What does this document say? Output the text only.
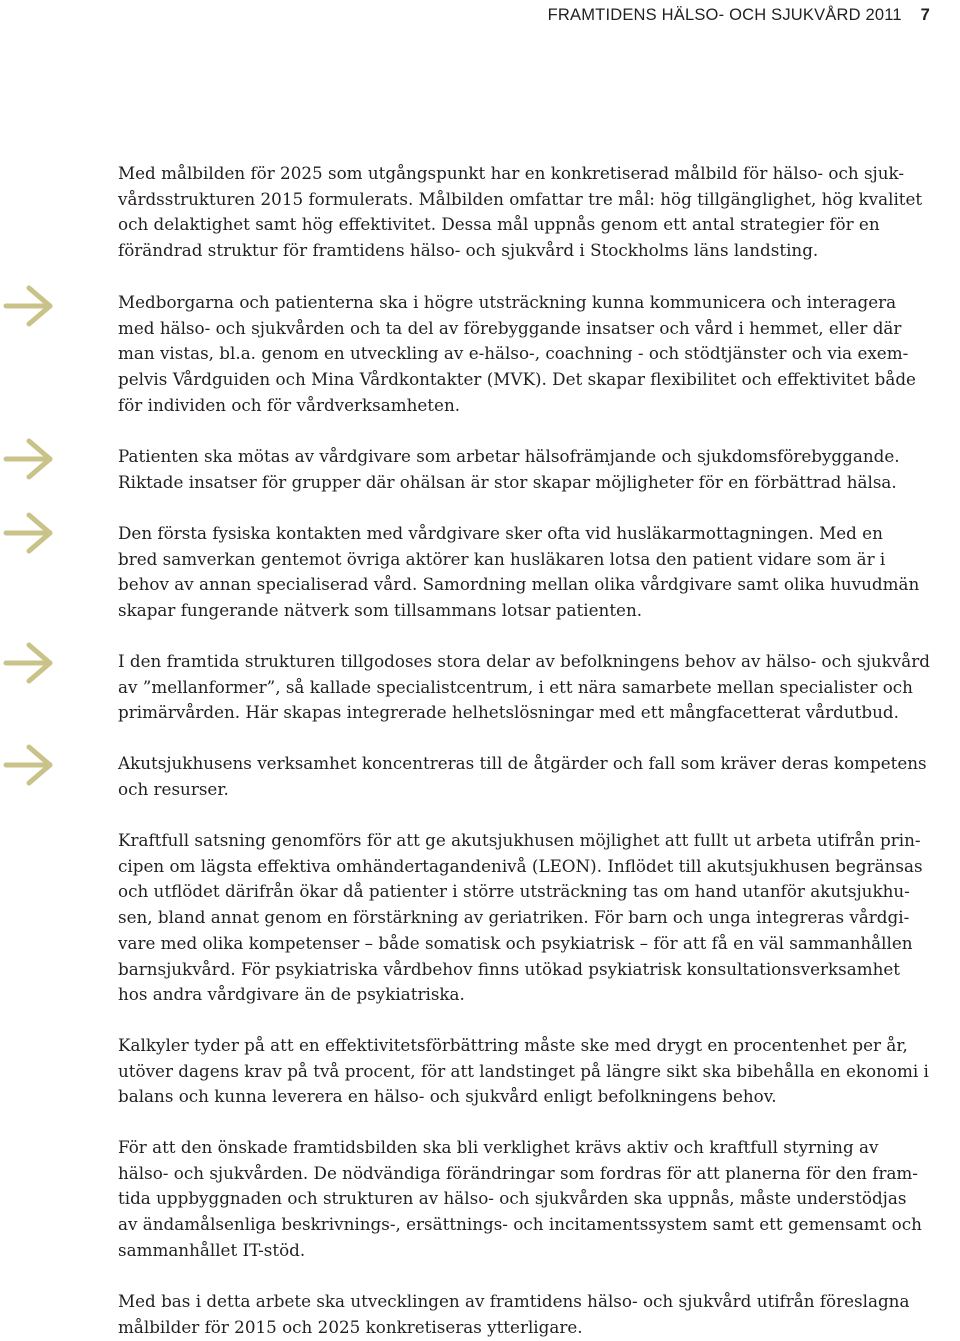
FRAMTIDENS HÄLSO- OCH SJUKVÅRD 2011 7
Med målbilden för 2025 som utgångspunkt har en konkretiserad målbild för hälso- och sjuk-
vårdsstrukturen 2015 formulerats. Målbilden omfattar tre mål: hög tillgänglighet, hög kvalitet
och delaktighet samt hög effektivitet. Dessa mål uppnås genom ett antal strategier för en
förändrad struktur för framtidens hälso- och sjukvård i Stockholms läns landsting.
Medborgarna och patienterna ska i högre utsträckning kunna kommunicera och interagera
med hälso- och sjukvården och ta del av förebyggande insatser och vård i hemmet, eller där
man vistas, bl.a. genom en utveckling av e-hälso-, coachning - och stödtjänster och via exem-
pelvis Vårdguiden och Mina Vårdkontakter (MVK). Det skapar flexibilitet och effektivitet både
för individen och för vårdverksamheten.
Patienten ska mötas av vårdgivare som arbetar hälsofrämjande och sjukdomsförebyggande.
Riktade insatser för grupper där ohälsan är stor skapar möjligheter för en förbättrad hälsa.
Den första fysiska kontakten med vårdgivare sker ofta vid husläkarmottagningen. Med en
bred samverkan gentemot övriga aktörer kan husläkaren lotsa den patient vidare som är i
behov av annan specialiserad vård. Samordning mellan olika vårdgivare samt olika huvudmän
skapar fungerande nätverk som tillsammans lotsar patienten.
I den framtida strukturen tillgodoses stora delar av befolkningens behov av hälso- och sjukvård
av ”mellanformer”, så kallade specialistcentrum, i ett nära samarbete mellan specialister och
primärvården. Här skapas integrerade helhetslösningar med ett mångfacetterat vårdutbud.
Akutsjukhusens verksamhet koncentreras till de åtgärder och fall som kräver deras kompetens
och resurser.
Kraftfull satsning genomförs för att ge akutsjukhusen möjlighet att fullt ut arbeta utifrån prin-
cipen om lägsta effektiva omhändertagandenivå (LEON). Inflödet till akutsjukhusen begränsas
och utflödet därifrån ökar då patienter i större utsträckning tas om hand utanför akutsjukhu-
sen, bland annat genom en förstärkning av geriatriken. För barn och unga integreras vårdgi-
vare med olika kompetenser – både somatisk och psykiatrisk – för att få en väl sammanhållen
barnsjukvård. För psykiatriska vårdbehov finns utökad psykiatrisk konsultationsverksamhet
hos andra vårdgivare än de psykiatriska.
Kalkyler tyder på att en effektivitetsförbättring måste ske med drygt en procentenhet per år,
utöver dagens krav på två procent, för att landstinget på längre sikt ska bibehålla en ekonomi i
balans och kunna leverera en hälso- och sjukvård enligt befolkningens behov.
För att den önskade framtidsbilden ska bli verklighet krävs aktiv och kraftfull styrning av
hälso- och sjukvården. De nödvändiga förändringar som fordras för att planerna för den fram-
tida uppbyggnaden och strukturen av hälso- och sjukvården ska uppnås, måste understödjas
av ändamålsenliga beskrivnings-, ersättnings- och incitamentssystem samt ett gemensamt och
sammanhållet IT-stöd.
Med bas i detta arbete ska utvecklingen av framtidens hälso- och sjukvård utifrån föreslagna
målbilder för 2015 och 2025 konkretiseras ytterligare.
